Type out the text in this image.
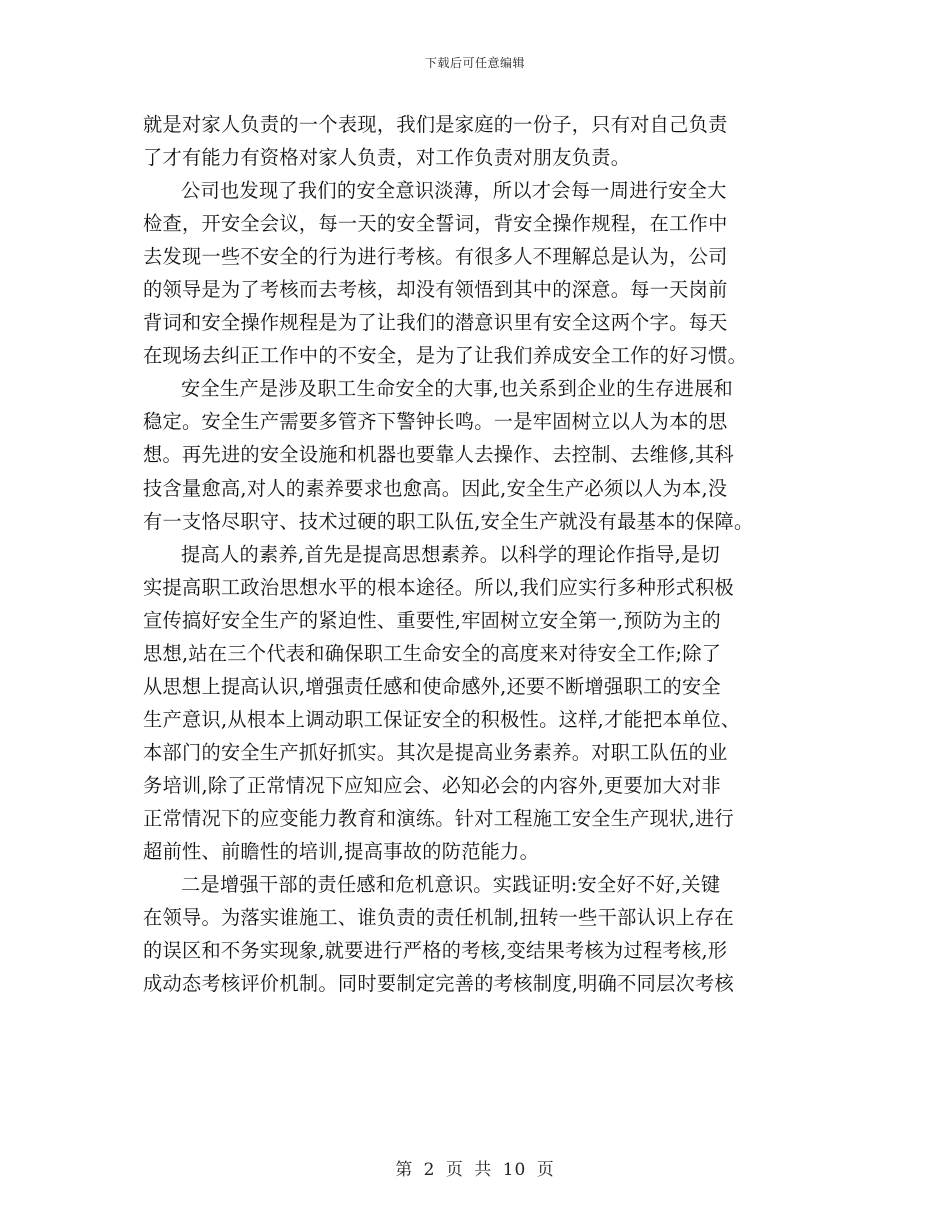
下载后可任意编辑
就是对家人负责的一个表现，我们是家庭的一份子，只有对自己负责
了才有能力有资格对家人负责，对工作负责对朋友负责。
公司也发现了我们的安全意识淡薄，所以才会每一周进行安全大
检查，开安全会议，每一天的安全誓词，背安全操作规程，在工作中
去发现一些不安全的行为进行考核。有很多人不理解总是认为，公司
的领导是为了考核而去考核，却没有领悟到其中的深意。每一天岗前
背词和安全操作规程是为了让我们的潜意识里有安全这两个字。每天
在现场去纠正工作中的不安全，是为了让我们养成安全工作的好习惯。
安全生产是涉及职工生命安全的大事,也关系到企业的生存进展和
稳定。安全生产需要多管齐下警钟长鸣。一是牢固树立以人为本的思
想。再先进的安全设施和机器也要靠人去操作、去控制、去维修,其科
技含量愈高,对人的素养要求也愈高。因此,安全生产必须以人为本,没
有一支恪尽职守、技术过硬的职工队伍,安全生产就没有最基本的保障。
提高人的素养,首先是提高思想素养。以科学的理论作指导,是切
实提高职工政治思想水平的根本途径。所以,我们应实行多种形式积极
宣传搞好安全生产的紧迫性、重要性,牢固树立安全第一,预防为主的
思想,站在三个代表和确保职工生命安全的高度来对待安全工作;除了
从思想上提高认识,增强责任感和使命感外,还要不断增强职工的安全
生产意识,从根本上调动职工保证安全的积极性。这样,才能把本单位、
本部门的安全生产抓好抓实。其次是提高业务素养。对职工队伍的业
务培训,除了正常情况下应知应会、必知必会的内容外,更要加大对非
正常情况下的应变能力教育和演练。针对工程施工安全生产现状,进行
超前性、前瞻性的培训,提高事故的防范能力。
二是增强干部的责任感和危机意识。实践证明:安全好不好,关键
在领导。为落实谁施工、谁负责的责任机制,扭转一些干部认识上存在
的误区和不务实现象,就要进行严格的考核,变结果考核为过程考核,形
成动态考核评价机制。同时要制定完善的考核制度,明确不同层次考核
第 2 页 共 10 页
